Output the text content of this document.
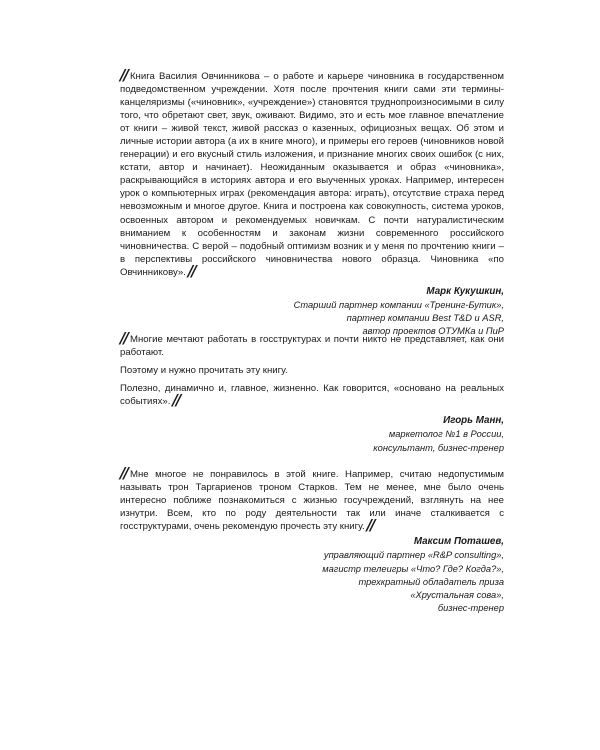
// Книга Василия Овчинникова – о работе и карьере чиновника в государственном подведомственном учреждении. Хотя после прочтения книги сами эти термины-канцеляризмы («чиновник», «учреждение») становятся труднопроизносимыми в силу того, что обретают свет, звук, оживают. Видимо, это и есть мое главное впечатление от книги – живой текст, живой рассказ о казенных, официозных вещах. Об этом и личные истории автора (а их в книге много), и примеры его героев (чиновников новой генерации) и его вкусный стиль изложения, и признание многих своих ошибок (с них, кстати, автор и начинает). Неожиданным оказывается и образ «чиновника», раскрывающийся в историях автора и его выученных уроках. Например, интересен урок о компьютерных играх (рекомендация автора: играть), отсутствие страха перед невозможным и многое другое. Книга и построена как совокупность, система уроков, освоенных автором и рекомендуемых новичкам. С почти натуралистическим вниманием к особенностям и законам жизни современного российского чиновничества. С верой – подобный оптимизм возник и у меня по прочтению книги – в перспективы российского чиновничества нового образца. Чиновника «по Овчинникову». //

Марк Кукушкин,
Старший партнер компании «Тренинг-Бутик»,
партнер компании Best T&D и ASR,
автор проектов ОТУМКа и ПиР

// Многие мечтают работать в госструктурах и почти никто не представляет, как они работают.

Поэтому и нужно прочитать эту книгу.

Полезно, динамично и, главное, жизненно. Как говорится, «основано на реальных событиях». //

Игорь Манн,
маркетолог №1 в России,
консультант, бизнес-тренер

// Мне многое не понравилось в этой книге. Например, считаю недопустимым называть трон Таргариенов троном Старков. Тем не менее, мне было очень интересно поближе познакомиться с жизнью госучреждений, взглянуть на нее изнутри. Всем, кто по роду деятельности так или иначе сталкивается с госструктурами, очень рекомендую прочесть эту книгу. //

Максим Поташев,
управляющий партнер «R&P consulting»,
магистр телеигры «Что? Где? Когда?»,
трехкратный обладатель приза
«Хрустальная сова»,
бизнес-тренер
